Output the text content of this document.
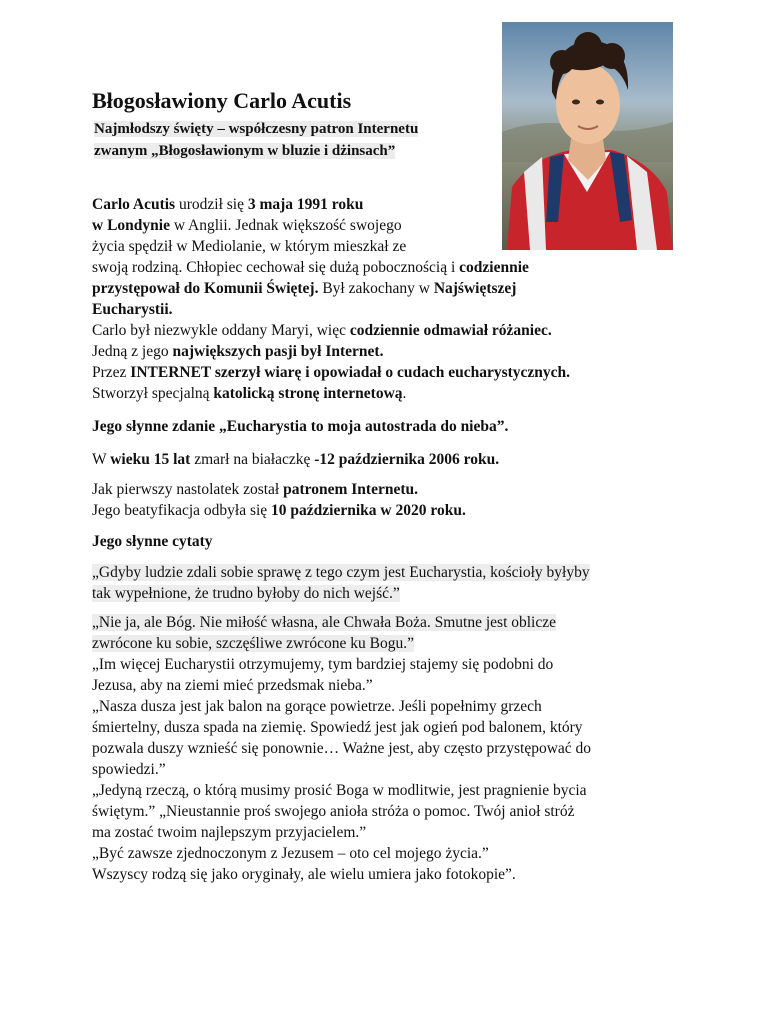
Błogosławiony Carlo Acutis
Najmłodszy święty – współczesny patron Internetu
zwanym „Błogosławionym w bluzie i dżinsach”

Carlo Acutis urodził się 3 maja 1991 roku

w Londynie w Anglii. Jednak większość swojego

życia spędził w Mediolanie, w którym mieszkał ze

swoją rodziną. Chłopiec cechował się dużą pobocznością i codziennie

przystępował do Komunii Świętej. Był zakochany w Najświętszej

Eucharystii.

Carlo był niezwykle oddany Maryi, więc codziennie odmawiał różaniec.

Jedną z jego największych pasji był Internet.

Przez INTERNET szerzył wiarę i opowiadał o cudach eucharystycznych.

Stworzył specjalną katolicką stronę internetową.

Jego słynne zdanie „Eucharystia to moja autostrada do nieba”.

W wieku 15 lat zmarł na białaczkę -12 października 2006 roku.

Jak pierwszy nastolatek został patronem Internetu.

Jego beatyfikacja odbyła się 10 października w 2020 roku.

Jego słynne cytaty

„Gdyby ludzie zdali sobie sprawę z tego czym jest Eucharystia, kościoły byłyby

tak wypełnione, że trudno byłoby do nich wejść.”

„Nie ja, ale Bóg. Nie miłość własna, ale Chwała Boża. Smutne jest oblicze

zwrócone ku sobie, szczęśliwe zwrócone ku Bogu.”

„Im więcej Eucharystii otrzymujemy, tym bardziej stajemy się podobni do

Jezusa, aby na ziemi mieć przedsmak nieba.”

„Nasza dusza jest jak balon na gorące powietrze. Jeśli popełnimy grzech

śmiertelny, dusza spada na ziemię. Spowiedź jest jak ogień pod balonem, który

pozwala duszy wznieść się ponownie… Ważne jest, aby często przystępować do

spowiedzi.”

„Jedyną rzeczą, o którą musimy prosić Boga w modlitwie, jest pragnienie bycia

świętym.” „Nieustannie proś swojego anioła stróża o pomoc. Twój anioł stróż

ma zostać twoim najlepszym przyjacielem.”

„Być zawsze zjednoczonym z Jezusem – oto cel mojego życia.”

Wszyscy rodzą się jako oryginały, ale wielu umiera jako fotokopie”.
